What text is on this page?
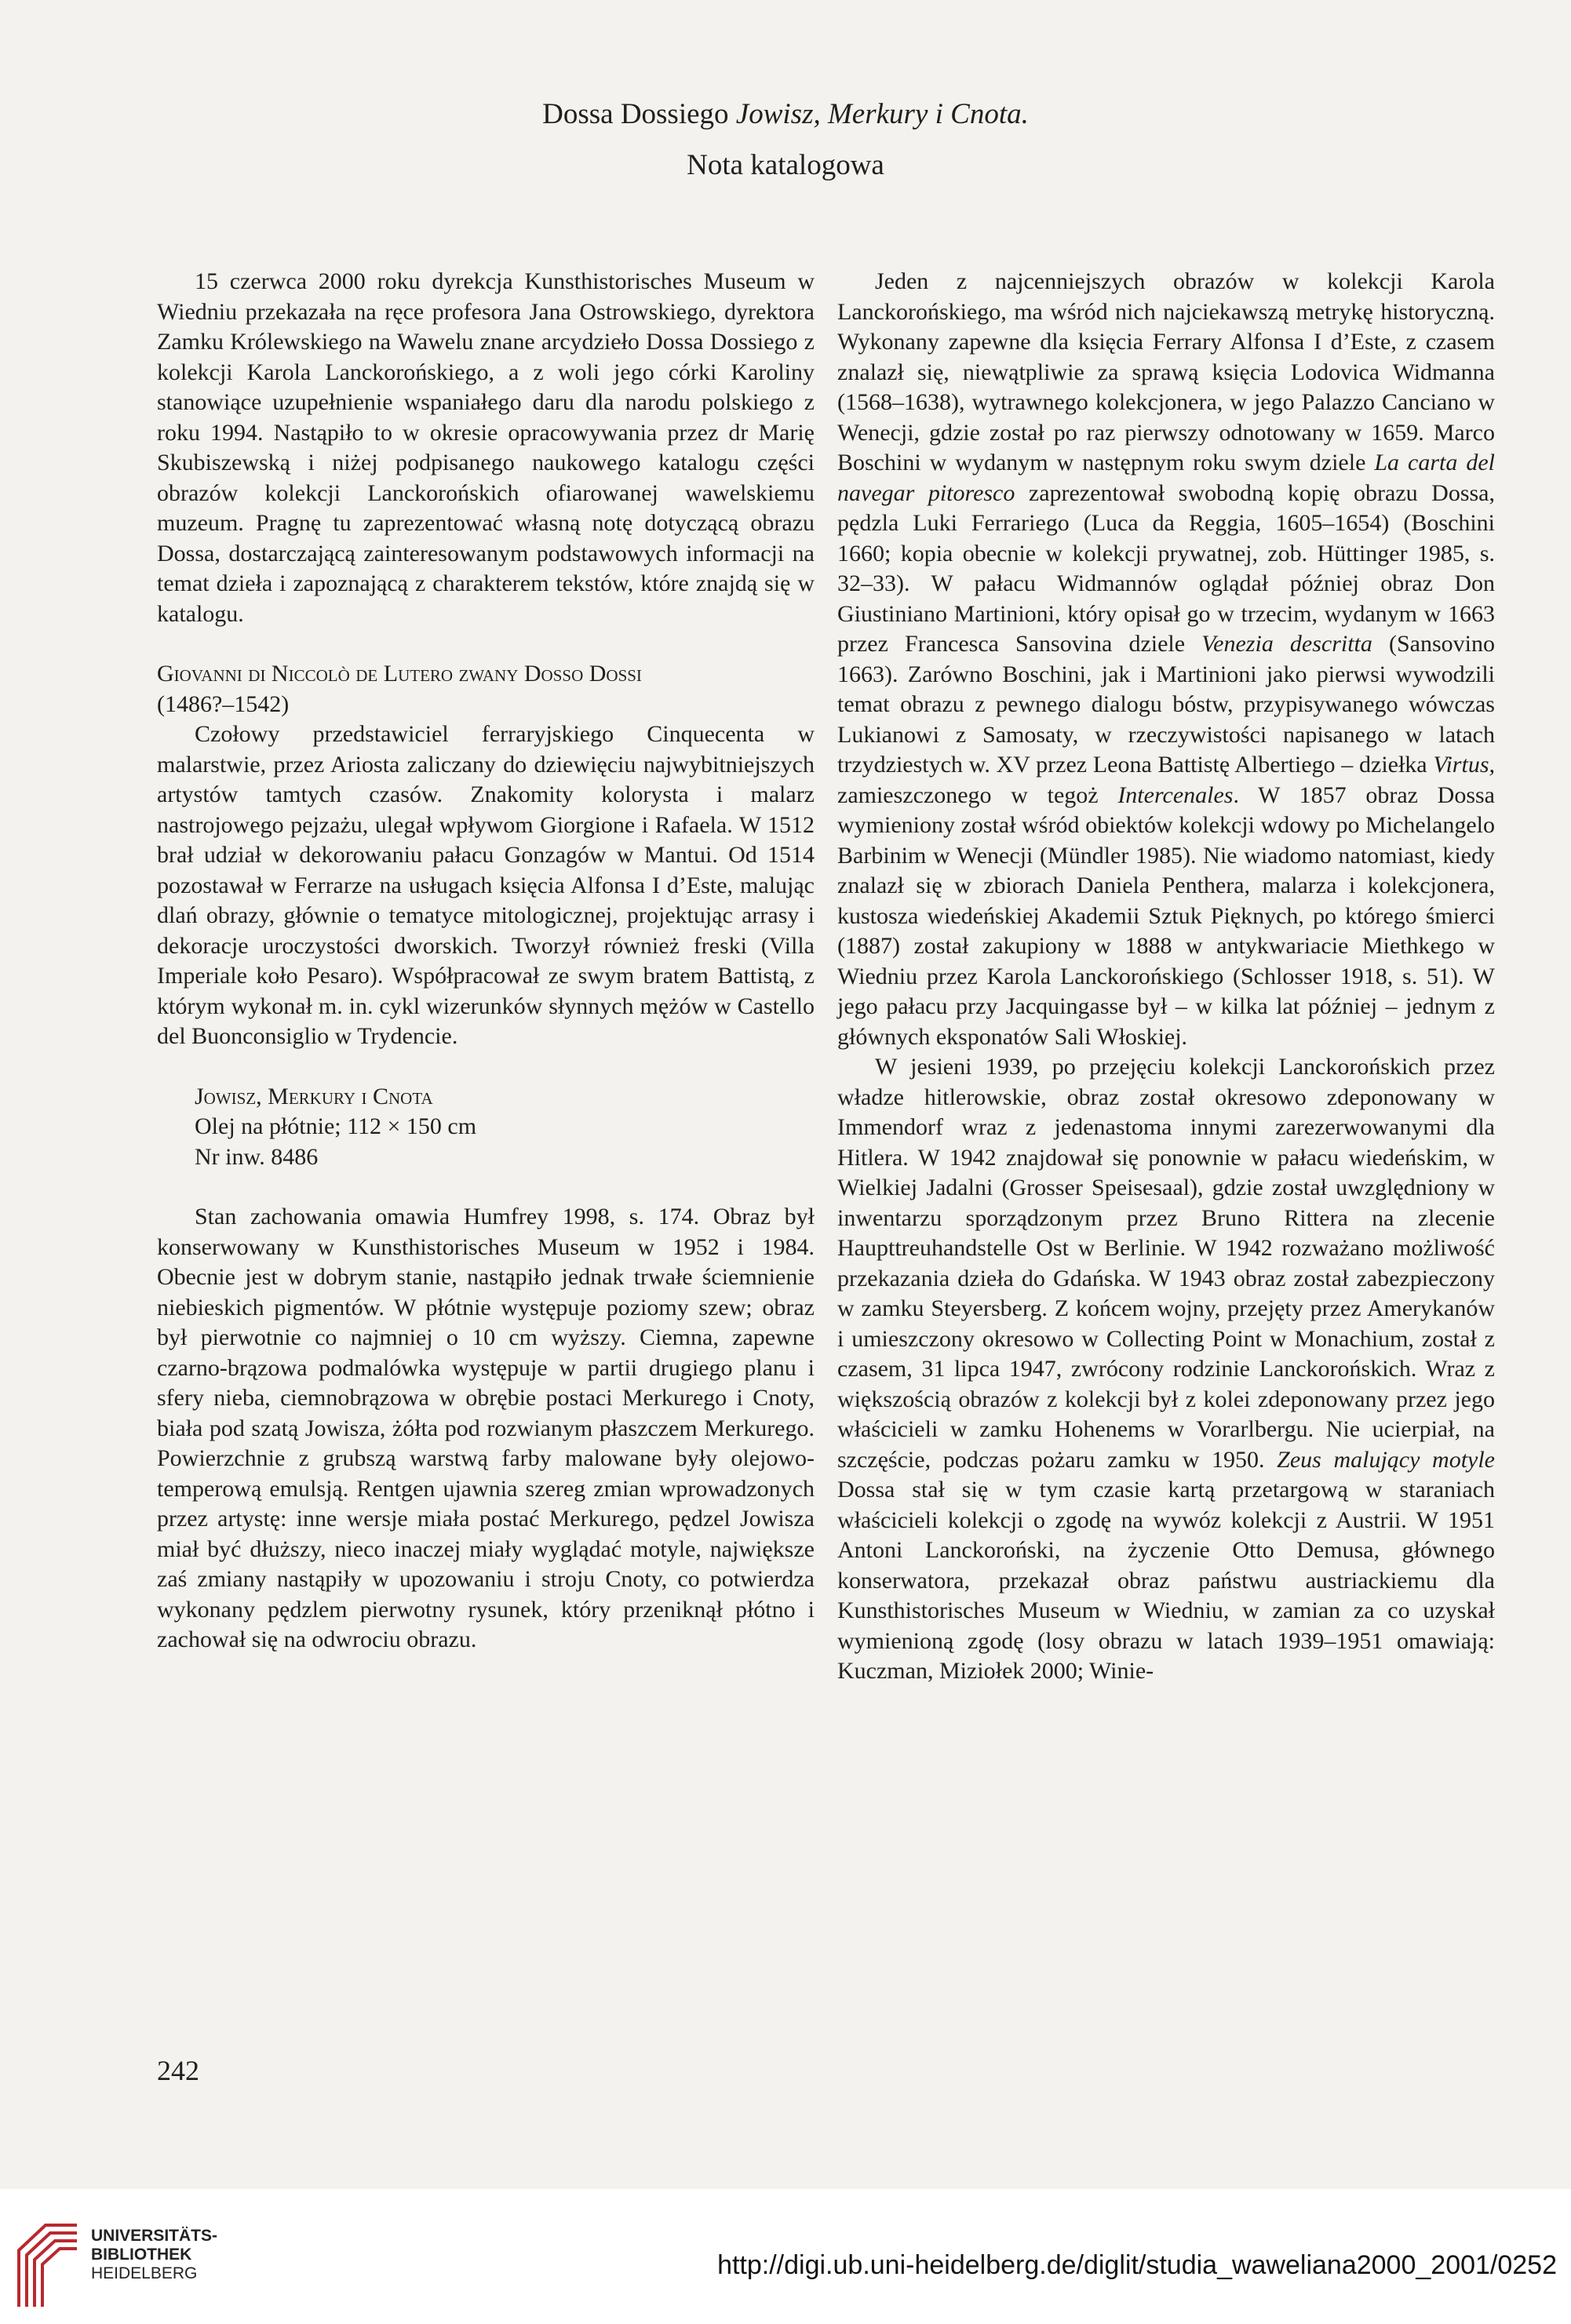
Dossa Dossiego Jowisz, Merkury i Cnota.
Nota katalogowa

15 czerwca 2000 roku dyrekcja Kunsthistorisches Museum w Wiedniu przekazała na ręce profesora Jana Ostrowskiego, dyrektora Zamku Królewskiego na Wawelu znane arcydzieło Dossa Dossiego z kolekcji Karola Lanckorońskiego, a z woli jego córki Karoliny stanowiące uzupełnienie wspaniałego daru dla narodu polskiego z roku 1994. Nastąpiło to w okresie opracowywania przez dr Marię Skubiszewską i niżej podpisanego naukowego katalogu części obrazów kolekcji Lanckorońskich ofiarowanej wawelskiemu muzeum. Pragnę tu zaprezentować własną notę dotyczącą obrazu Dossa, dostarczającą zainteresowanym podstawowych informacji na temat dzieła i zapoznającą z charakterem tekstów, które znajdą się w katalogu.

Giovanni di Niccolò de Lutero zwany Dosso Dossi

(1486?–1542)

Czołowy przedstawiciel ferraryjskiego Cinquecenta w malarstwie, przez Ariosta zaliczany do dziewięciu najwybitniejszych artystów tamtych czasów. Znakomity kolorysta i malarz nastrojowego pejzażu, ulegał wpływom Giorgione i Rafaela. W 1512 brał udział w dekorowaniu pałacu Gonzagów w Mantui. Od 1514 pozostawał w Ferrarze na usługach księcia Alfonsa I d’Este, malując dlań obrazy, głównie o tematyce mitologicznej, projektując arrasy i dekoracje uroczystości dworskich. Tworzył również freski (Villa Imperiale koło Pesaro). Współpracował ze swym bratem Battistą, z którym wykonał m. in. cykl wizerunków słynnych mężów w Castello del Buonconsiglio w Trydencie.

Jowisz, Merkury i Cnota
Olej na płótnie; 112 × 150 cm
Nr inw. 8486

Stan zachowania omawia Humfrey 1998, s. 174. Obraz był konserwowany w Kunsthistorisches Museum w 1952 i 1984. Obecnie jest w dobrym stanie, nastąpiło jednak trwałe ściemnienie niebieskich pigmentów. W płótnie występuje poziomy szew; obraz był pierwotnie co najmniej o 10 cm wyższy. Ciemna, zapewne czarno-brązowa podmalówka występuje w partii drugiego planu i sfery nieba, ciemnobrązowa w obrębie postaci Merkurego i Cnoty, biała pod szatą Jowisza, żółta pod rozwianym płaszczem Merkurego. Powierzchnie z grubszą warstwą farby malowane były olejowo-temperową emulsją. Rentgen ujawnia szereg zmian wprowadzonych przez artystę: inne wersje miała postać Merkurego, pędzel Jowisza miał być dłuższy, nieco inaczej miały wyglądać motyle, największe zaś zmiany nastąpiły w upozowaniu i stroju Cnoty, co potwierdza wykonany pędzlem pierwotny rysunek, który przeniknął płótno i zachował się na odwrociu obrazu.

Jeden z najcenniejszych obrazów w kolekcji Karola Lanckorońskiego, ma wśród nich najciekawszą metrykę historyczną. Wykonany zapewne dla księcia Ferrary Alfonsa I d’Este, z czasem znalazł się, niewątpliwie za sprawą księcia Lodovica Widmanna (1568–1638), wytrawnego kolekcjonera, w jego Palazzo Canciano w Wenecji, gdzie został po raz pierwszy odnotowany w 1659. Marco Boschini w wydanym w następnym roku swym dziele La carta del navegar pitoresco zaprezentował swobodną kopię obrazu Dossa, pędzla Luki Ferrariego (Luca da Reggia, 1605–1654) (Boschini 1660; kopia obecnie w kolekcji prywatnej, zob. Hüttinger 1985, s. 32–33). W pałacu Widmannów oglądał później obraz Don Giustiniano Martinioni, który opisał go w trzecim, wydanym w 1663 przez Francesca Sansovina dziele Venezia descritta (Sansovino 1663). Zarówno Boschini, jak i Martinioni jako pierwsi wywodzili temat obrazu z pewnego dialogu bóstw, przypisywanego wówczas Lukianowi z Samosaty, w rzeczywistości napisanego w latach trzydziestych w. XV przez Leona Battistę Albertiego – dziełka Virtus, zamieszczonego w tegoż Intercenales. W 1857 obraz Dossa wymieniony został wśród obiektów kolekcji wdowy po Michelangelo Barbinim w Wenecji (Mündler 1985). Nie wiadomo natomiast, kiedy znalazł się w zbiorach Daniela Penthera, malarza i kolekcjonera, kustosza wiedeńskiej Akademii Sztuk Pięknych, po którego śmierci (1887) został zakupiony w 1888 w antykwariacie Miethkego w Wiedniu przez Karola Lanckorońskiego (Schlosser 1918, s. 51). W jego pałacu przy Jacquingasse był – w kilka lat później – jednym z głównych eksponatów Sali Włoskiej.

W jesieni 1939, po przejęciu kolekcji Lanckorońskich przez władze hitlerowskie, obraz został okresowo zdeponowany w Immendorf wraz z jedenastoma innymi zarezerwowanymi dla Hitlera. W 1942 znajdował się ponownie w pałacu wiedeńskim, w Wielkiej Jadalni (Grosser Speisesaal), gdzie został uwzględniony w inwentarzu sporządzonym przez Bruno Rittera na zlecenie Haupttreuhandstelle Ost w Berlinie. W 1942 rozważano możliwość przekazania dzieła do Gdańska. W 1943 obraz został zabezpieczony w zamku Steyersberg. Z końcem wojny, przejęty przez Amerykanów i umieszczony okresowo w Collecting Point w Monachium, został z czasem, 31 lipca 1947, zwrócony rodzinie Lanckorońskich. Wraz z większością obrazów z kolekcji był z kolei zdeponowany przez jego właścicieli w zamku Hohenems w Vorarlbergu. Nie ucierpiał, na szczęście, podczas pożaru zamku w 1950. Zeus malujący motyle Dossa stał się w tym czasie kartą przetargową w staraniach właścicieli kolekcji o zgodę na wywóz kolekcji z Austrii. W 1951 Antoni Lanckoroński, na życzenie Otto Demusa, głównego konserwatora, przekazał obraz państwu austriackiemu dla Kunsthistorisches Museum w Wiedniu, w zamian za co uzyskał wymienioną zgodę (losy obrazu w latach 1939–1951 omawiają: Kuczman, Miziołek 2000; Winie-

242
UNIVERSITÄTS-
BIBLIOTHEK
HEIDELBERG	http://digi.ub.uni-heidelberg.de/diglit/studia_waweliana2000_2001/0252
